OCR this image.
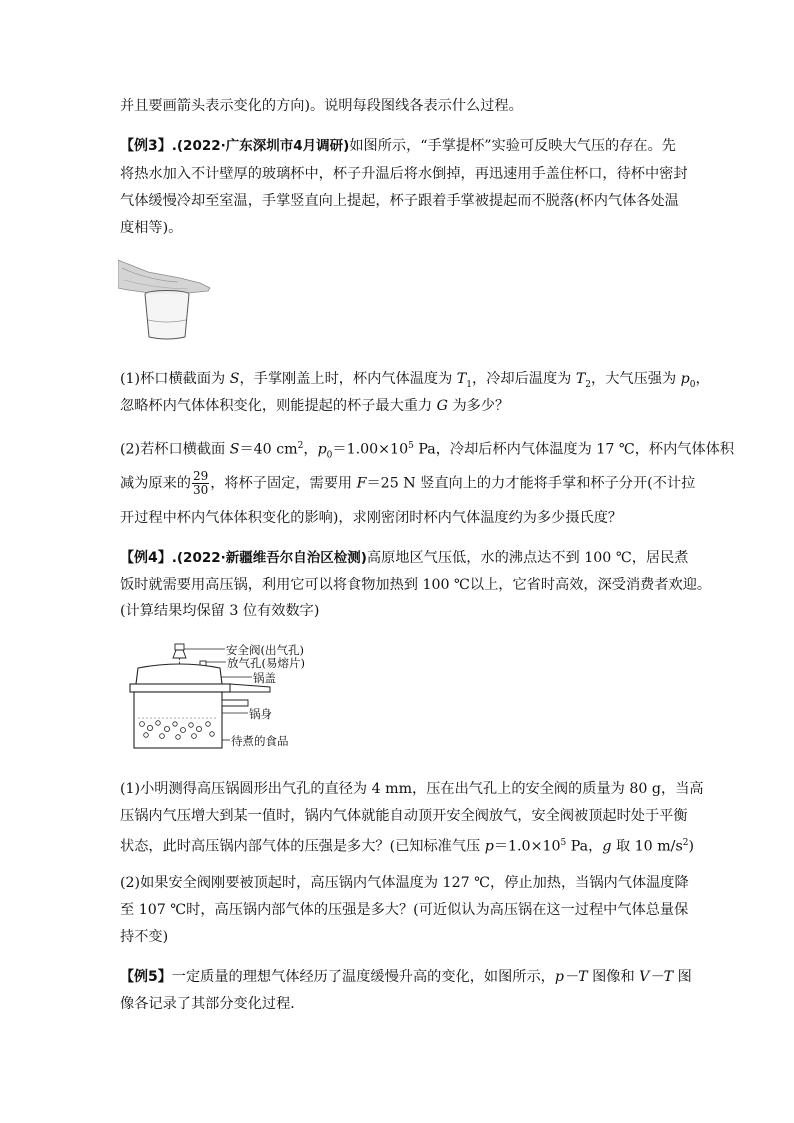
并且要画箭头表示变化的方向)。说明每段图线各表示什么过程。
【例3】.(2022·广东深圳市4月调研)如图所示，“手掌提杯”实验可反映大气压的存在。先
将热水加入不计壁厚的玻璃杯中，杯子升温后将水倒掉，再迅速用手盖住杯口，待杯中密封
气体缓慢冷却至室温，手掌竖直向上提起，杯子跟着手掌被提起而不脱落(杯内气体各处温
度相等)。
(1)杯口横截面为 S，手掌刚盖上时，杯内气体温度为 $T_1$，冷却后温度为 $T_2$，大气压强为 $p_0$，
忽略杯内气体体积变化，则能提起的杯子最大重力 G 为多少？
(2)若杯口横截面 S＝40 $cm^2$，$p_0=1.00\times 10^5$ Pa，冷却后杯内气体温度为 17 ℃，杯内气体体积
减为原来的 $\frac{29}{30}$ ，将杯子固定，需要用 F＝25 N 竖直向上的力才能将手掌和杯子分开(不计拉
开过程中杯内气体体积变化的影响)，求刚密闭时杯内气体温度约为多少摄氏度？
【例4】.(2022·新疆维吾尔自治区检测)高原地区气压低，水的沸点达不到 100 ℃，居民煮
饭时就需要用高压锅，利用它可以将食物加热到 100 ℃以上，它省时高效，深受消费者欢迎。
(计算结果均保留 3 位有效数字)
安全阀(出气孔)
放气孔(易熔片)
锅盖
锅身
待煮的食品
(1)小明测得高压锅圆形出气孔的直径为 4 mm，压在出气孔上的安全阀的质量为 80 g，当高
压锅内气压增大到某一值时，锅内气体就能自动顶开安全阀放气，安全阀被顶起时处于平衡
状态，此时高压锅内部气体的压强是多大？(已知标准气压 $p=1.0\times 10^5$ Pa，g 取 10 $m/s^2$)
(2)如果安全阀刚要被顶起时，高压锅内气体温度为 127 ℃，停止加热，当锅内气体温度降
至 107 ℃时，高压锅内部气体的压强是多大？(可近似认为高压锅在这一过程中气体总量保
持不变)
【例5】一定质量的理想气体经历了温度缓慢升高的变化，如图所示，p－T 图像和 V－T 图
像各记录了其部分变化过程．
